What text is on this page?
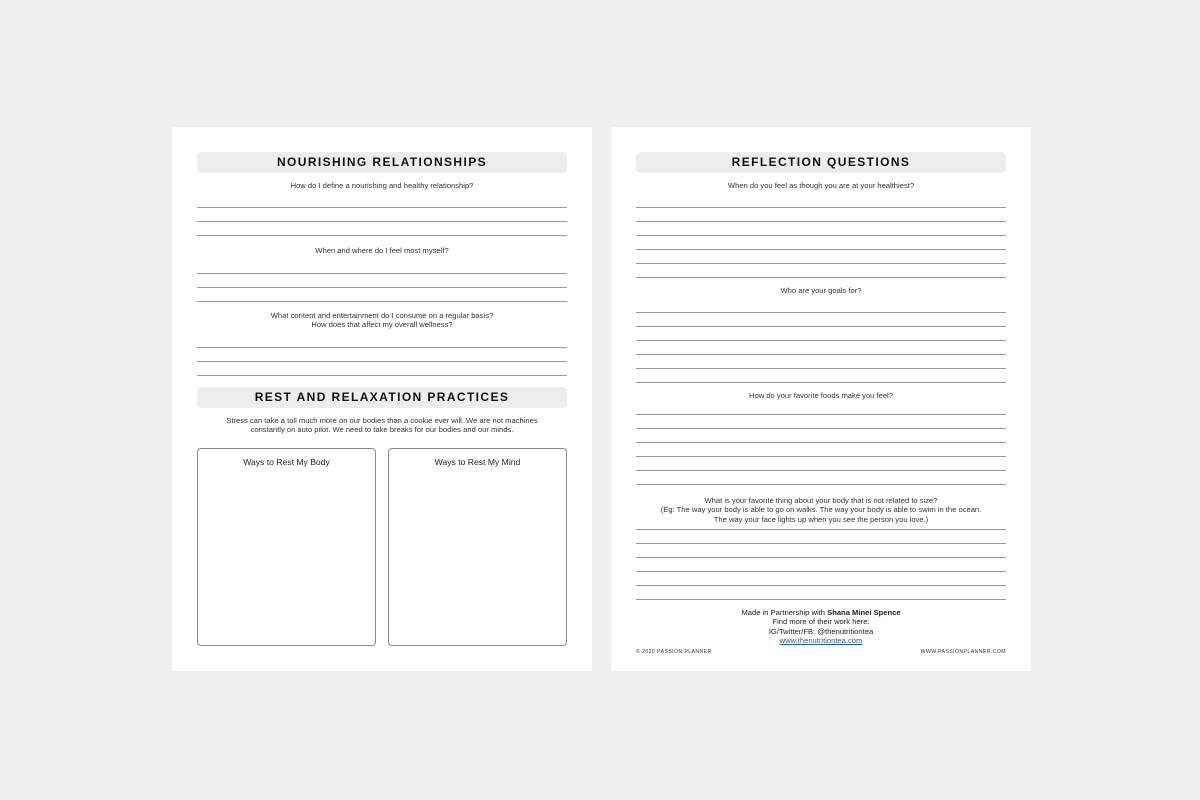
NOURISHING RELATIONSHIPS
How do I define a nourishing and healthy relationship?
When and where do I feel most myself?
What content and entertainment do I consume on a regular basis?
How does that affect my overall wellness?
REST AND RELAXATION PRACTICES
Stress can take a toll much more on our bodies than a cookie ever will. We are not machines
constantly on auto pilot. We need to take breaks for our bodies and our minds.
Ways to Rest My Body	Ways to Rest My Mind
REFLECTION QUESTIONS
When do you feel as though you are at your healthiest?
Who are your goals for?
How do your favorite foods make you feel?
What is your favorite thing about your body that is not related to size?
(Eg: The way your body is able to go on walks. The way your body is able to swim in the ocean.
The way your face lights up when you see the person you love.)
Made in Partnership with Shana Minei Spence
Find more of their work here:
IG/Twitter/FB: @thenutritiontea
www.thenutritiontea.com
© 2020 PASSION PLANNER	WWW.PASSIONPLANNER.COM
